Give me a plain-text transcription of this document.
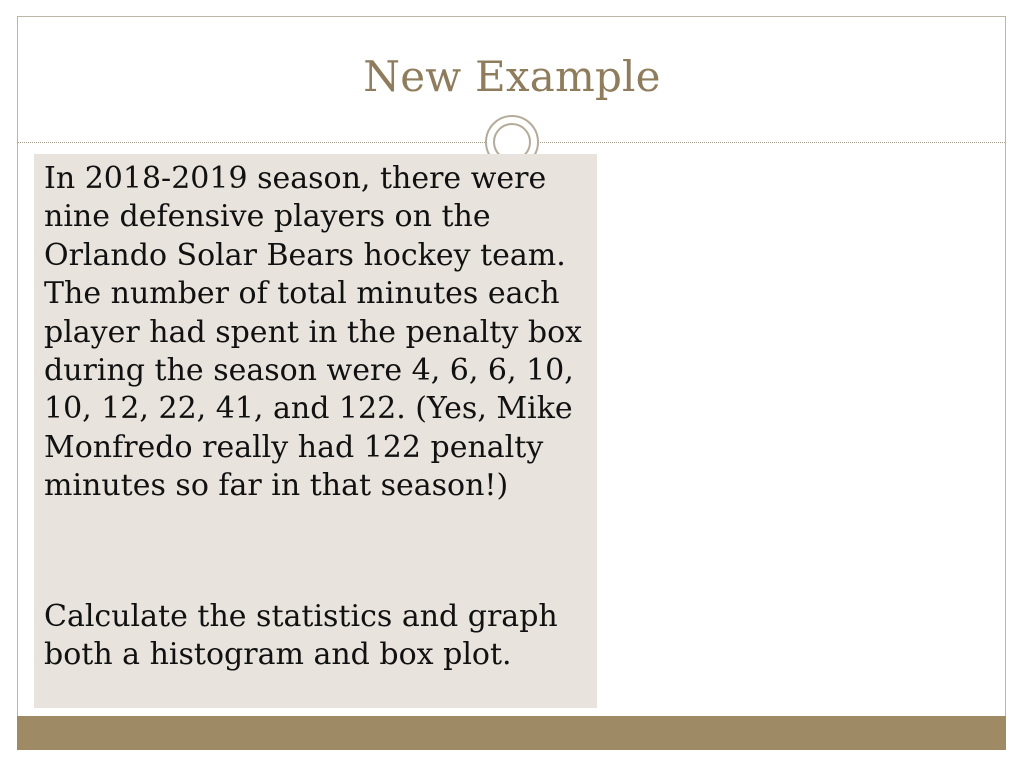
New Example

In 2018-2019 season, there were nine defensive players on the Orlando Solar Bears hockey team. The number of total minutes each player had spent in the penalty box during the season were 4, 6, 6, 10, 10, 12, 22, 41, and 122. (Yes, Mike Monfredo really had 122 penalty minutes so far in that season!)

Calculate the statistics and graph both a histogram and box plot.
